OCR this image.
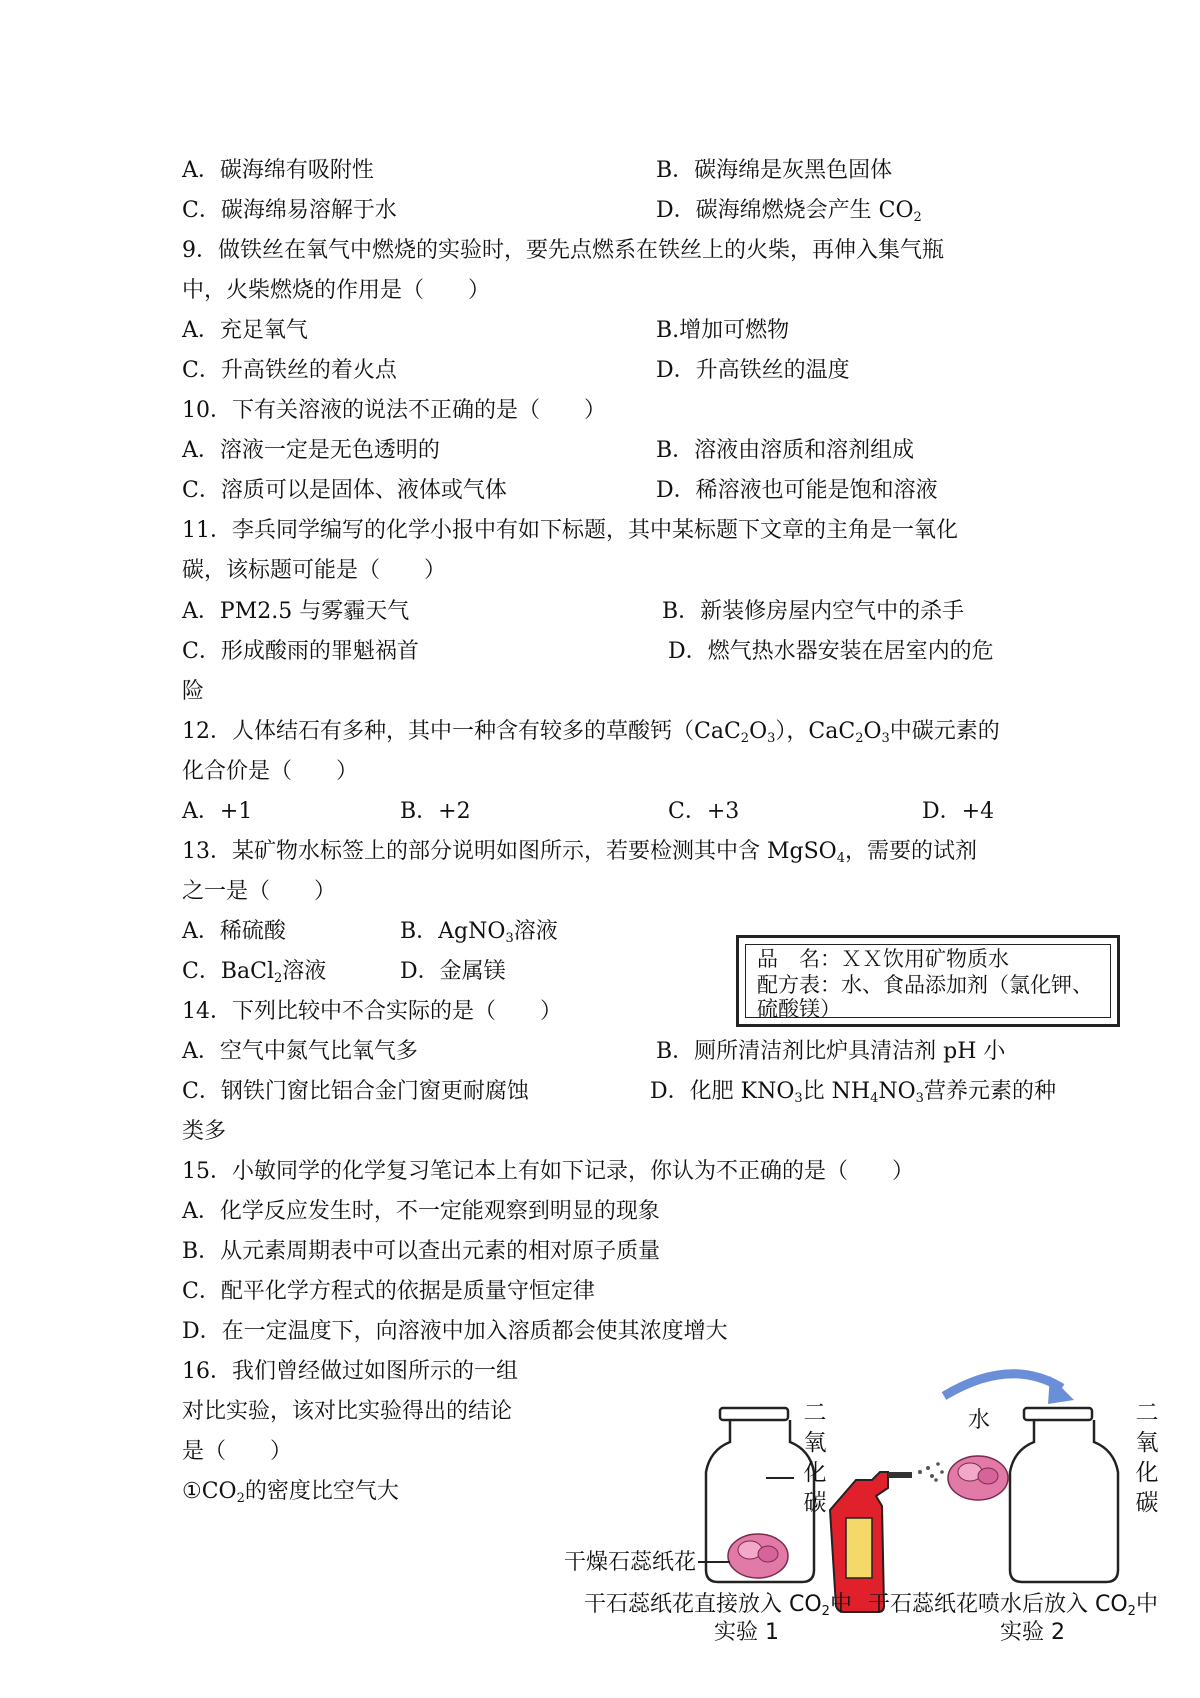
A．碳海绵有吸附性	B．碳海绵是灰黑色固体
C．碳海绵易溶解于水	D．碳海绵燃烧会产生 $CO_2$
9．做铁丝在氧气中燃烧的实验时，要先点燃系在铁丝上的火柴，再伸入集气瓶
中，火柴燃烧的作用是（　　）
A．充足氧气	B.增加可燃物
C．升高铁丝的着火点	D．升高铁丝的温度
10．下有关溶液的说法不正确的是（　　）
A．溶液一定是无色透明的	B．溶液由溶质和溶剂组成
C．溶质可以是固体、液体或气体	D．稀溶液也可能是饱和溶液
11．李兵同学编写的化学小报中有如下标题，其中某标题下文章的主角是一氧化
碳，该标题可能是（　　）
A．PM2.5 与雾霾天气	B．新装修房屋内空气中的杀手
C．形成酸雨的罪魁祸首	D．燃气热水器安装在居室内的危
险
12．人体结石有多种，其中一种含有较多的草酸钙$(CaC_2O_3)$，$CaC_2O_3$中碳元素的
化合价是（　　）
A．+1	B．+2	C．+3	D．+4
13．某矿物水标签上的部分说明如图所示，若要检测其中含 MgSO$_4$，需要的试剂
之一是（　　）
A．稀硫酸	B．AgNO$_3$溶液
C．BaCl$_2$溶液	D．金属镁	品　名：ＸＸ饮用矿物质水
配方表：水、食品添加剂（氯化钾、
硫酸镁）
14．下列比较中不合实际的是（　　）
A．空气中氮气比氧气多	B．厕所清洁剂比炉具清洁剂 pH 小
C．钢铁门窗比铝合金门窗更耐腐蚀	D．化肥 $KNO_3$比 $NH_4NO_3$营养元素的种
类多
15．小敏同学的化学复习笔记本上有如下记录，你认为不正确的是（　　）
A．化学反应发生时，不一定能观察到明显的现象
B．从元素周期表中可以查出元素的相对原子质量
C．配平化学方程式的依据是质量守恒定律
D．在一定温度下，向溶液中加入溶质都会使其浓度增大
16．我们曾经做过如图所示的一组
对比实验，该对比实验得出的结论
是（　　）
$①CO_2$的密度比空气大
二氧化碳
干燥石蕊纸花
干石蕊纸花直接放入 $CO_2$中
实验 1
水	二氧化碳
干石蕊纸花喷水后放入 $CO_2$中
实验 2
